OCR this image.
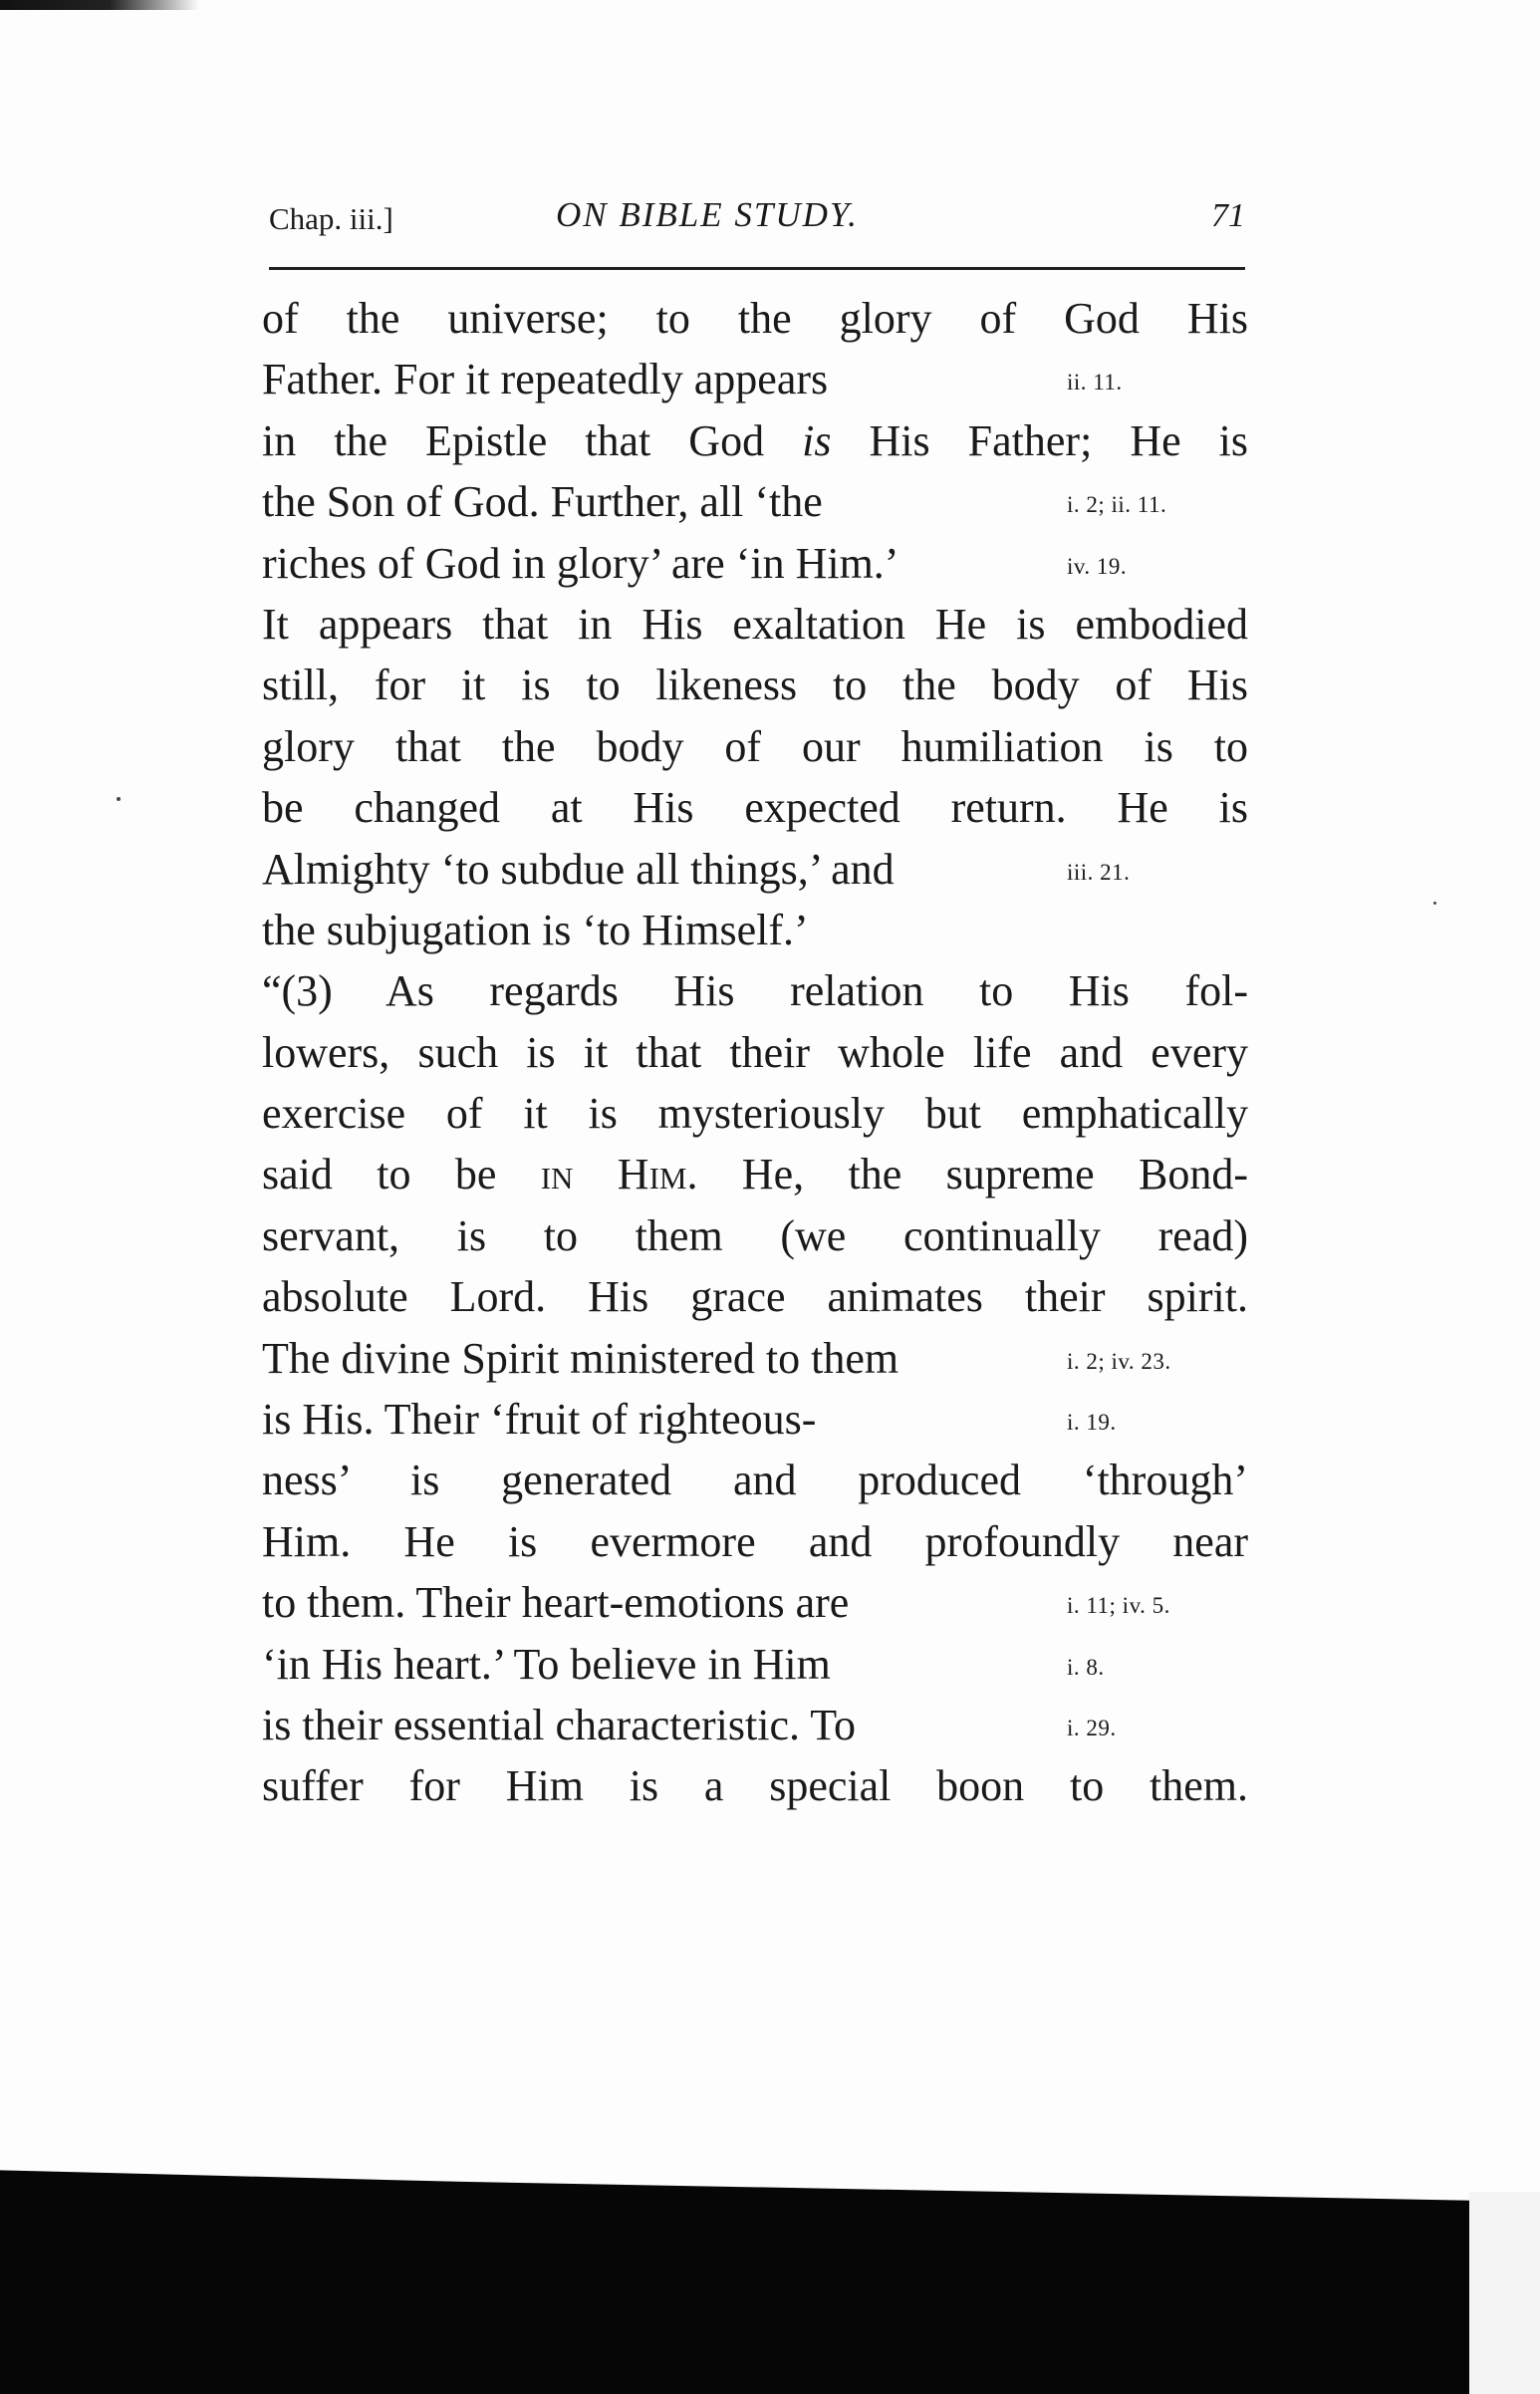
Chap. iii.]	ON BIBLE STUDY.	71
of the universe; to the glory of God His
Father. For it repeatedly appears	ii. 11.
in the Epistle that God is His Father; He is
the Son of God. Further, all ‘the	i. 2; ii. 11.
riches of God in glory’ are ‘in Him.’	iv. 19.
It appears that in His exaltation He is embodied
still, for it is to likeness to the body of His
glory that the body of our humiliation is to
be changed at His expected return. He is
Almighty ‘to subdue all things,’ and	iii. 21.
the subjugation is ‘to Himself.’
“(3) As regards His relation to His fol-
lowers, such is it that their whole life and every
exercise of it is mysteriously but emphatically
said to be in Him. He, the supreme Bond-
servant, is to them (we continually read)
absolute Lord. His grace animates their spirit.
The divine Spirit ministered to them	i. 2; iv. 23.
is His. Their ‘fruit of righteous-	i. 19.
ness’ is generated and produced ‘through’
Him. He is evermore and profoundly near
to them. Their heart-emotions are	i. 11; iv. 5.
‘in His heart.’ To believe in Him	i. 8.
is their essential characteristic. To	i. 29.
suffer for Him is a special boon to them.
